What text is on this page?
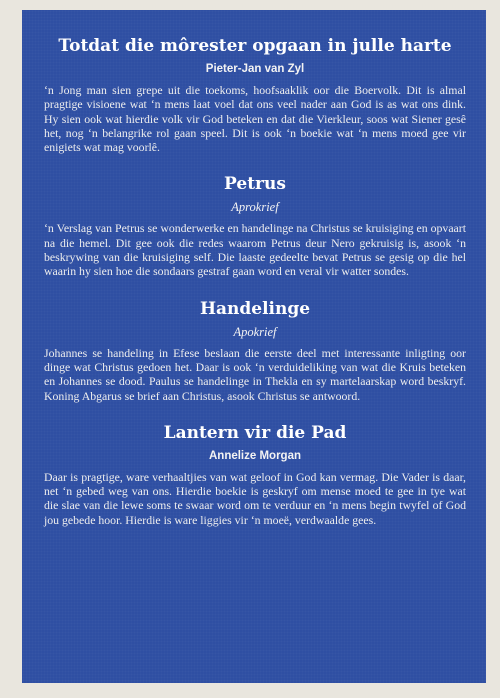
Totdat die môrester opgaan in julle harte
Pieter-Jan van Zyl

‘n Jong man sien grepe uit die toekoms, hoofsaaklik oor die Boervolk. Dit is almal pragtige visioene wat ‘n mens laat voel dat ons veel nader aan God is as wat ons dink. Hy sien ook wat hierdie volk vir God beteken en dat die Vierkleur, soos wat Siener gesê het, nog ‘n belangrike rol gaan speel. Dit is ook ‘n boekie wat ‘n mens moed gee vir enigiets wat mag voorlê.

Petrus
Aprokrief

‘n Verslag van Petrus se wonderwerke en handelinge na Christus se kruisiging en opvaart na die hemel. Dit gee ook die redes waarom Petrus deur Nero gekruisig is, asook ‘n beskrywing van die kruisiging self. Die laaste gedeelte bevat Petrus se gesig op die hel waarin hy sien hoe die sondaars gestraf gaan word en veral vir watter sondes.

Handelinge
Apokrief

Johannes se handeling in Efese beslaan die eerste deel met interessante inligting oor dinge wat Christus gedoen het. Daar is ook ‘n verduideliking van wat die Kruis beteken en Johannes se dood. Paulus se handelinge in Thekla en sy martelaarskap word beskryf. Koning Abgarus se brief aan Christus, asook Christus se antwoord.

Lantern vir die Pad
Annelize Morgan

Daar is pragtige, ware verhaaltjies van wat geloof in God kan vermag. Die Vader is daar, net ‘n gebed weg van ons. Hierdie boekie is geskryf om mense moed te gee in tye wat die slae van die lewe soms te swaar word om te verduur en ‘n mens begin twyfel of God jou gebede hoor. Hierdie is ware liggies vir ‘n moeë, verdwaalde gees.
